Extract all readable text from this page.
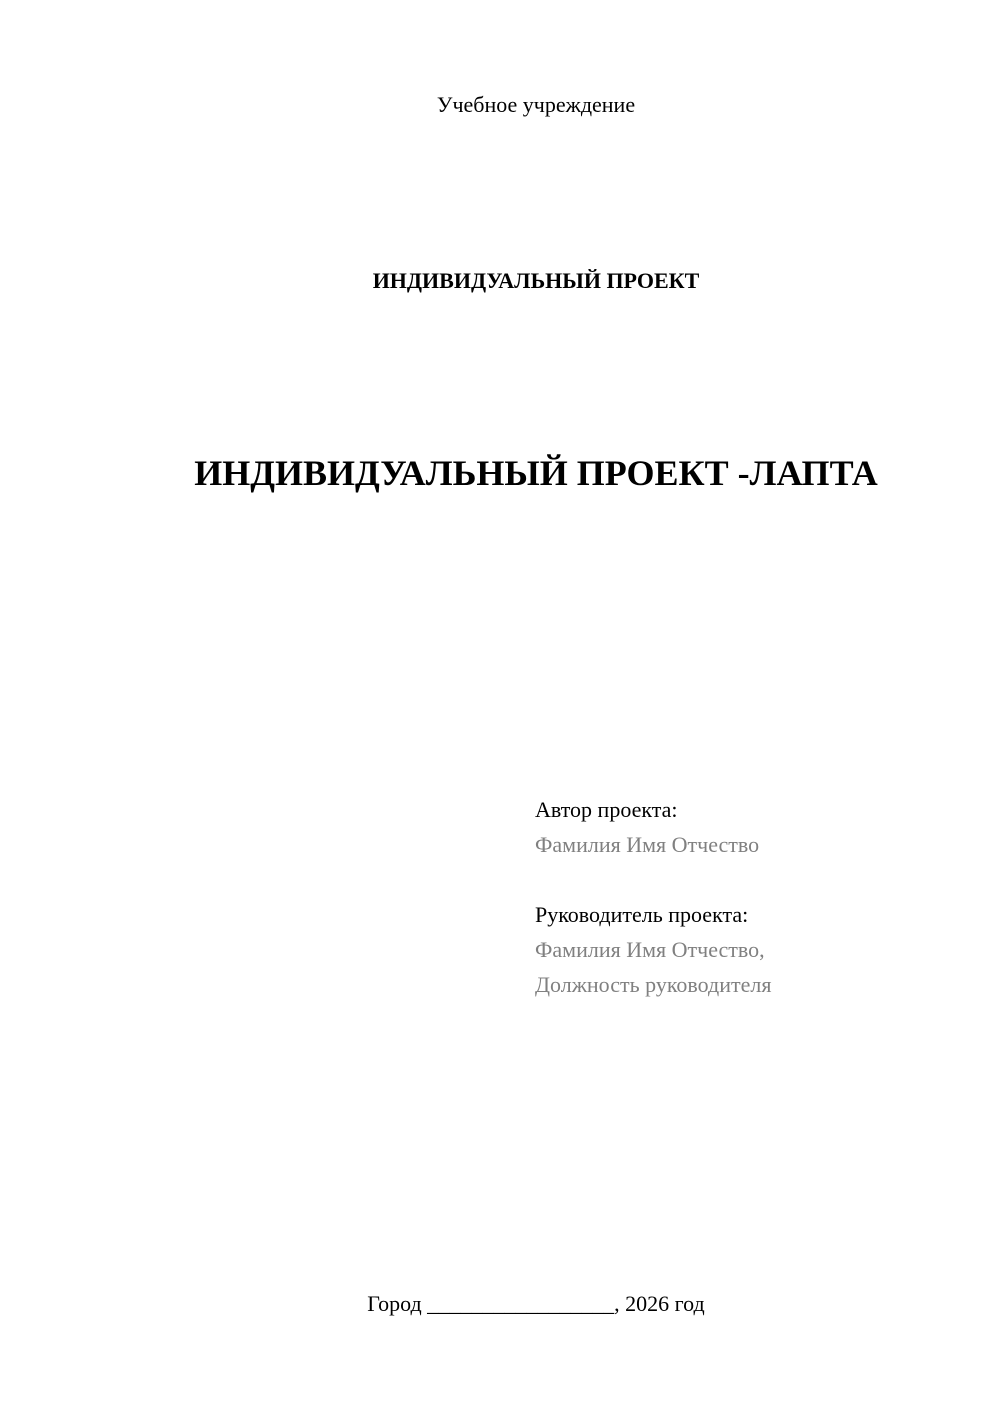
Учебное учреждение
ИНДИВИДУАЛЬНЫЙ ПРОЕКТ
ИНДИВИДУАЛЬНЫЙ ПРОЕКТ -ЛАПТА
Автор проекта:
Фамилия Имя Отчество
Руководитель проекта:
Фамилия Имя Отчество,
Должность руководителя
Город _________________, 2026 год
